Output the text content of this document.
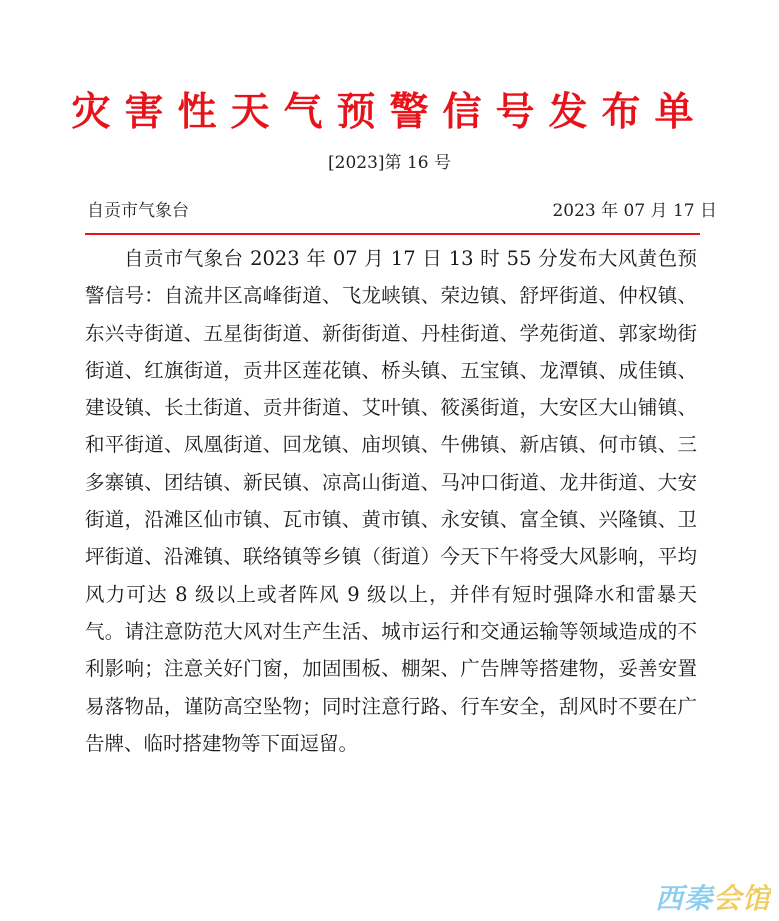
灾害性天气预警信号发布单
[2023]第 16 号
自贡市气象台	2023 年 07 月 17 日

自贡市气象台 2023 年 07 月 17 日 13 时 55 分发布大风黄色预警信号：自流井区高峰街道、飞龙峡镇、荣边镇、舒坪街道、仲权镇、东兴寺街道、五星街街道、新街街道、丹桂街道、学苑街道、郭家坳街街道、红旗街道，贡井区莲花镇、桥头镇、五宝镇、龙潭镇、成佳镇、建设镇、长土街道、贡井街道、艾叶镇、筱溪街道，大安区大山铺镇、和平街道、凤凰街道、回龙镇、庙坝镇、牛佛镇、新店镇、何市镇、三多寨镇、团结镇、新民镇、凉高山街道、马冲口街道、龙井街道、大安街道，沿滩区仙市镇、瓦市镇、黄市镇、永安镇、富全镇、兴隆镇、卫坪街道、沿滩镇、联络镇等乡镇（街道）今天下午将受大风影响，平均风力可达 8 级以上或者阵风 9 级以上，并伴有短时强降水和雷暴天气。请注意防范大风对生产生活、城市运行和交通运输等领域造成的不利影响；注意关好门窗，加固围板、棚架、广告牌等搭建物，妥善安置易落物品，谨防高空坠物；同时注意行路、行车安全，刮风时不要在广告牌、临时搭建物等下面逗留。

西秦会馆
